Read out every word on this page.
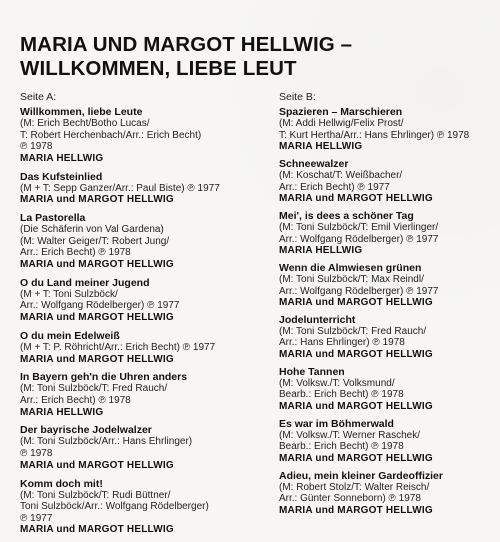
MARIA UND MARGOT HELLWIG –
WILLKOMMEN, LIEBE LEUT
Seite A:
Willkommen, liebe Leute
(M: Erich Becht/Botho Lucas/
T: Robert Herchenbach/Arr.: Erich Becht)
℗ 1978
MARIA HELLWIG
Das Kufsteinlied
(M + T: Sepp Ganzer/Arr.: Paul Biste) ℗ 1977
MARIA und MARGOT HELLWIG
La Pastorella
(Die Schäferin von Val Gardena)
(M: Walter Geiger/T: Robert Jung/
Arr.: Erich Becht) ℗ 1978
MARIA und MARGOT HELLWIG
O du Land meiner Jugend
(M + T: Toni Sulzböck/
Arr.: Wolfgang Rödelberger) ℗ 1977
MARIA und MARGOT HELLWIG
O du mein Edelweiß
(M + T: P. Röhricht/Arr.: Erich Becht) ℗ 1977
MARIA und MARGOT HELLWIG
In Bayern geh'n die Uhren anders
(M: Toni Sulzböck/T: Fred Rauch/
Arr.: Erich Becht) ℗ 1978
MARIA HELLWIG
Der bayrische Jodelwalzer
(M: Toni Sulzböck/Arr.: Hans Ehrlinger)
℗ 1978
MARIA und MARGOT HELLWIG
Komm doch mit!
(M: Toni Sulzböck/T: Rudi Büttner/
Toni Sulzböck/Arr.: Wolfgang Rödelberger)
℗ 1977
MARIA und MARGOT HELLWIG
Seite B:
Spazieren – Marschieren
(M: Addi Hellwig/Felix Prost/
T: Kurt Hertha/Arr.: Hans Ehrlinger) ℗ 1978
MARIA HELLWIG
Schneewalzer
(M: Koschat/T: Weißbacher/
Arr.: Erich Becht) ℗ 1977
MARIA und MARGOT HELLWIG
Mei', is dees a schöner Tag
(M: Toni Sulzböck/T: Emil Vierlinger/
Arr.: Wolfgang Rödelberger) ℗ 1977
MARIA HELLWIG
Wenn die Almwiesen grünen
(M: Toni Sulzböck/T: Max Reindl/
Arr.: Wolfgang Rödelberger) ℗ 1977
MARIA und MARGOT HELLWIG
Jodelunterricht
(M: Toni Sulzböck/T: Fred Rauch/
Arr.: Hans Ehrlinger) ℗ 1978
MARIA und MARGOT HELLWIG
Hohe Tannen
(M: Volksw./T: Volksmund/
Bearb.: Erich Becht) ℗ 1978
MARIA und MARGOT HELLWIG
Es war im Böhmerwald
(M: Volksw./T: Werner Raschek/
Bearb.: Erich Becht) ℗ 1978
MARIA und MARGOT HELLWIG
Adieu, mein kleiner Gardeoffizier
(M: Robert Stolz/T: Walter Reisch/
Arr.: Günter Sonneborn) ℗ 1978
MARIA und MARGOT HELLWIG
